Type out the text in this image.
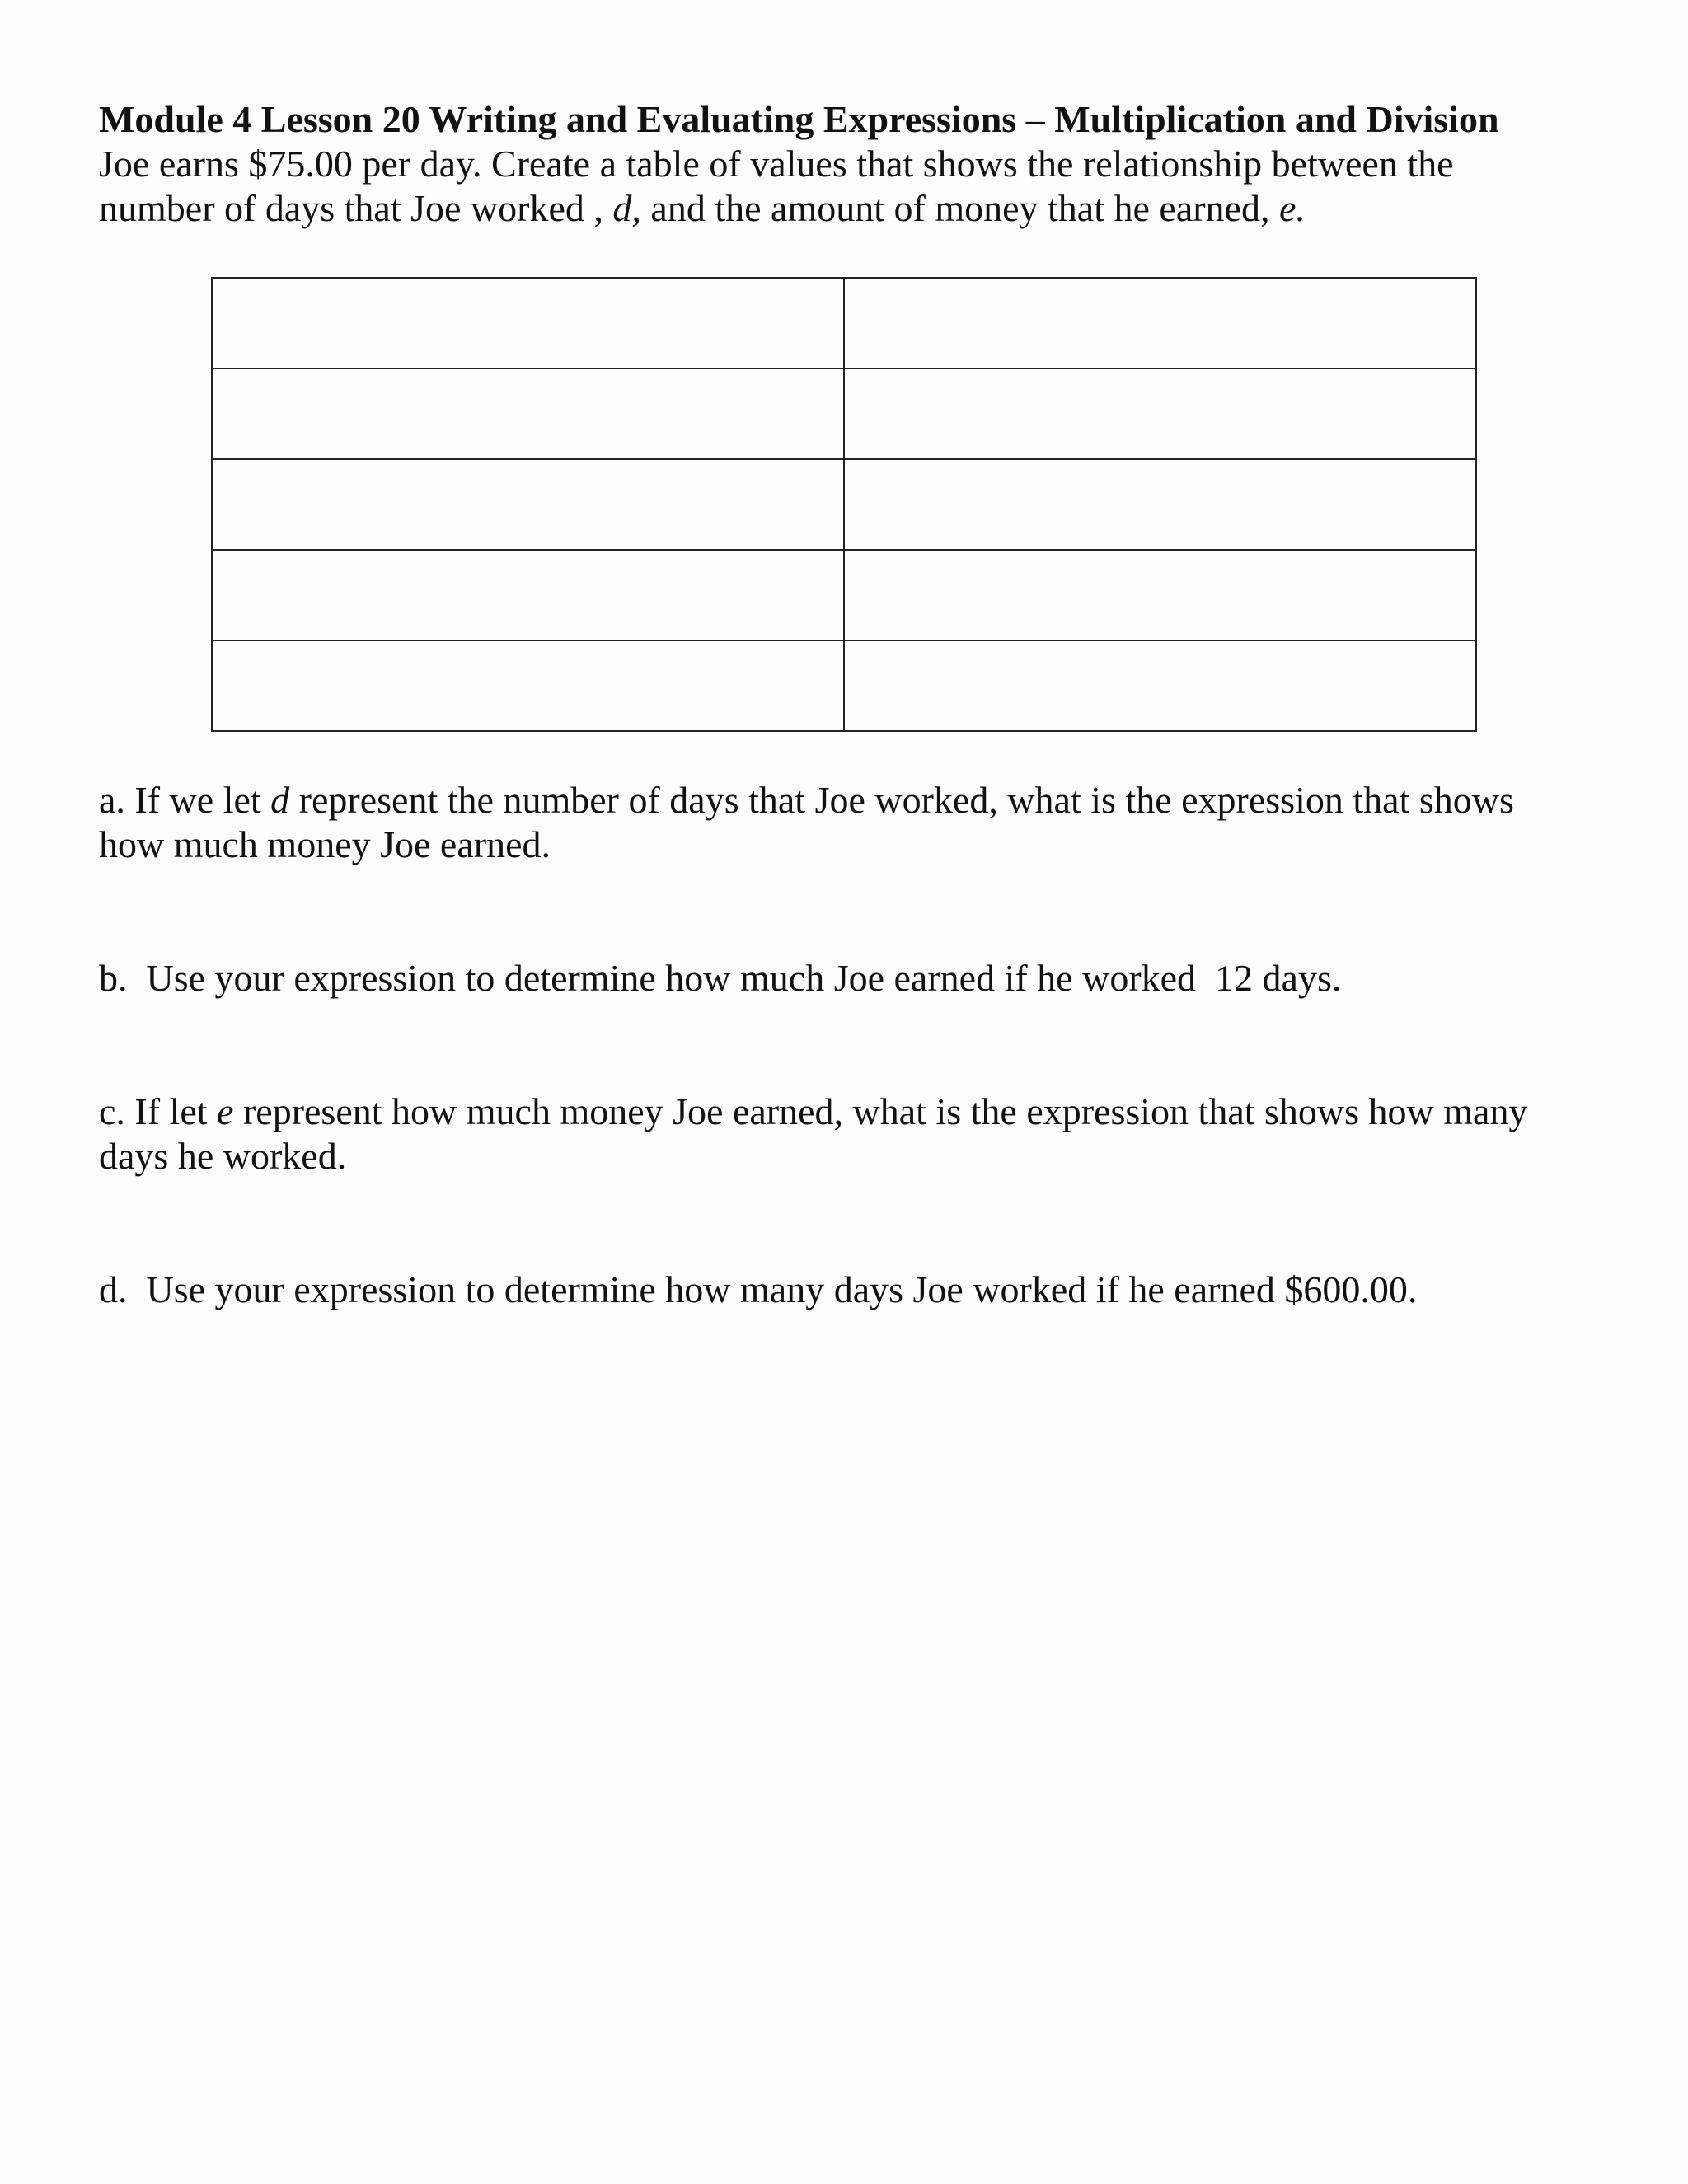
Module 4 Lesson 20 Writing and Evaluating Expressions – Multiplication and Division

Joe earns $75.00 per day. Create a table of values that shows the relationship between the
number of days that Joe worked , d, and the amount of money that he earned, e.

a. If we let d represent the number of days that Joe worked, what is the expression that shows
how much money Joe earned.

b.  Use your expression to determine how much Joe earned if he worked  12 days.

c. If let e represent how much money Joe earned, what is the expression that shows how many
days he worked.

d.  Use your expression to determine how many days Joe worked if he earned $600.00.
